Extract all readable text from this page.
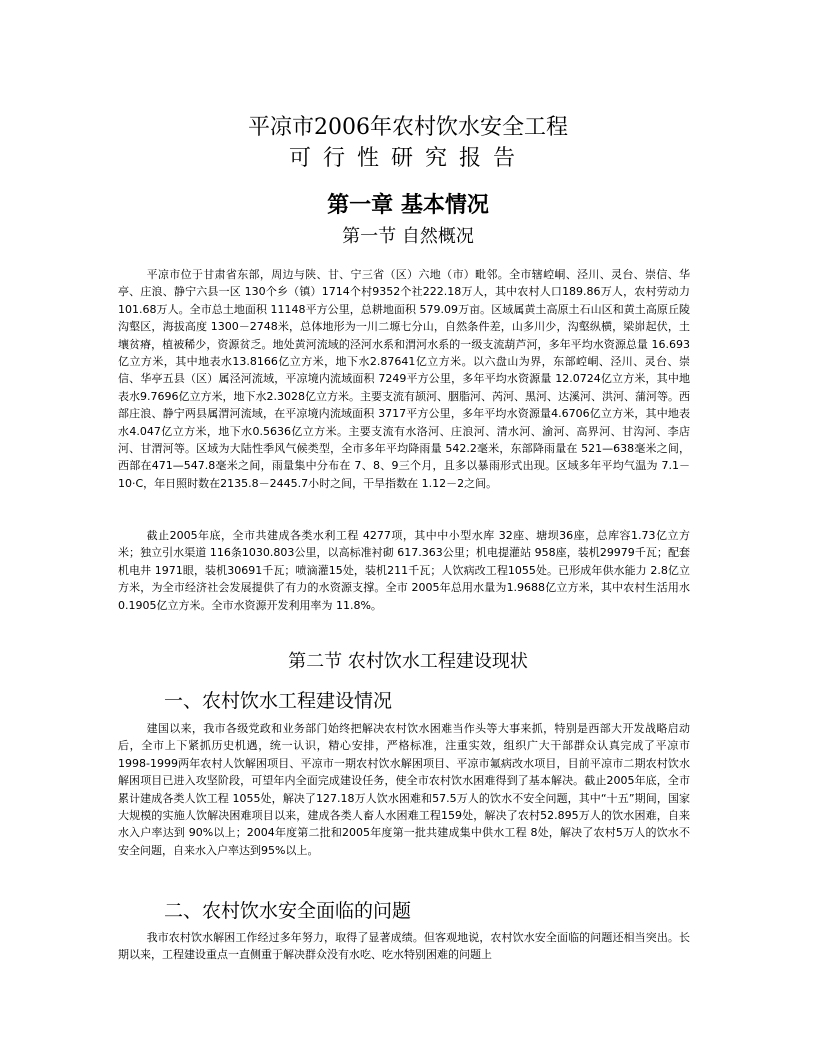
平凉市2006年农村饮水安全工程
可行性研究报告
第一章 基本情况
第一节 自然概况

平凉市位于甘肃省东部，周边与陕、甘、宁三省（区）六地（市）毗邻。全市辖崆峒、泾川、灵台、崇信、华亭、庄浪、静宁六县一区 130个乡（镇）1714个村9352个社222.18万人，其中农村人口189.86万人，农村劳动力 101.68万人。全市总土地面积 11148平方公里，总耕地面积 579.09万亩。区域属黄土高原土石山区和黄土高原丘陵沟壑区，海拔高度 1300－2748米，总体地形为一川二塬七分山，自然条件差，山多川少，沟壑纵横，梁峁起伏，土壤贫瘠，植被稀少，资源贫乏。地处黄河流域的泾河水系和渭河水系的一级支流葫芦河，多年平均水资源总量 16.693亿立方米，其中地表水13.8166亿立方米，地下水2.87641亿立方米。以六盘山为界，东部崆峒、泾川、灵台、崇信、华亭五县（区）属泾河流域，平凉境内流域面积 7249平方公里，多年平均水资源量 12.0724亿立方米，其中地表水9.7696亿立方米，地下水2.3028亿立方米。主要支流有颉河、胭脂河、芮河、黑河、达溪河、洪河、蒲河等。西部庄浪、静宁两县属渭河流域，在平凉境内流域面积 3717平方公里，多年平均水资源量4.6706亿立方米，其中地表水4.047亿立方米，地下水0.5636亿立方米。主要支流有水洛河、庄浪河、清水河、渝河、高界河、甘沟河、李店河、甘渭河等。区域为大陆性季风气候类型，全市多年平均降雨量 542.2毫米，东部降雨量在 521—638毫米之间，西部在471—547.8毫米之间，雨量集中分布在 7、8、9三个月，且多以暴雨形式出现。区域多年平均气温为 7.1－10·C，年日照时数在2135.8－2445.7小时之间，干旱指数在 1.12－2之间。

截止2005年底，全市共建成各类水利工程 4277项，其中中小型水库 32座、塘坝36座，总库容1.73亿立方米；独立引水渠道 116条1030.803公里，以高标准衬砌 617.363公里；机电提灌站 958座，装机29979千瓦；配套机电井 1971眼，装机30691千瓦；喷滴灌15处，装机211千瓦；人饮病改工程1055处。已形成年供水能力 2.8亿立方米，为全市经济社会发展提供了有力的水资源支撑。全市 2005年总用水量为1.9688亿立方米，其中农村生活用水 0.1905亿立方米。全市水资源开发利用率为 11.8%。

第二节 农村饮水工程建设现状
一、农村饮水工程建设情况

建国以来，我市各级党政和业务部门始终把解决农村饮水困难当作头等大事来抓，特别是西部大开发战略启动后，全市上下紧抓历史机遇，统一认识，精心安排，严格标准，注重实效，组织广大干部群众认真完成了平凉市 1998-1999两年农村人饮解困项目、平凉市一期农村饮水解困项目、平凉市氟病改水项目，目前平凉市二期农村饮水解困项目已进入攻坚阶段，可望年内全面完成建设任务，使全市农村饮水困难得到了基本解决。截止2005年底，全市累计建成各类人饮工程 1055处，解决了127.18万人饮水困难和57.5万人的饮水不安全问题，其中“十五”期间，国家大规模的实施人饮解决困难项目以来，建成各类人畜人水困难工程159处，解决了农村52.895万人的饮水困难，自来水入户率达到 90%以上；2004年度第二批和2005年度第一批共建成集中供水工程 8处，解决了农村5万人的饮水不安全问题，自来水入户率达到95%以上。

二、农村饮水安全面临的问题

我市农村饮水解困工作经过多年努力，取得了显著成绩。但客观地说，农村饮水安全面临的问题还相当突出。长期以来，工程建设重点一直侧重于解决群众没有水吃、吃水特别困难的问题上
